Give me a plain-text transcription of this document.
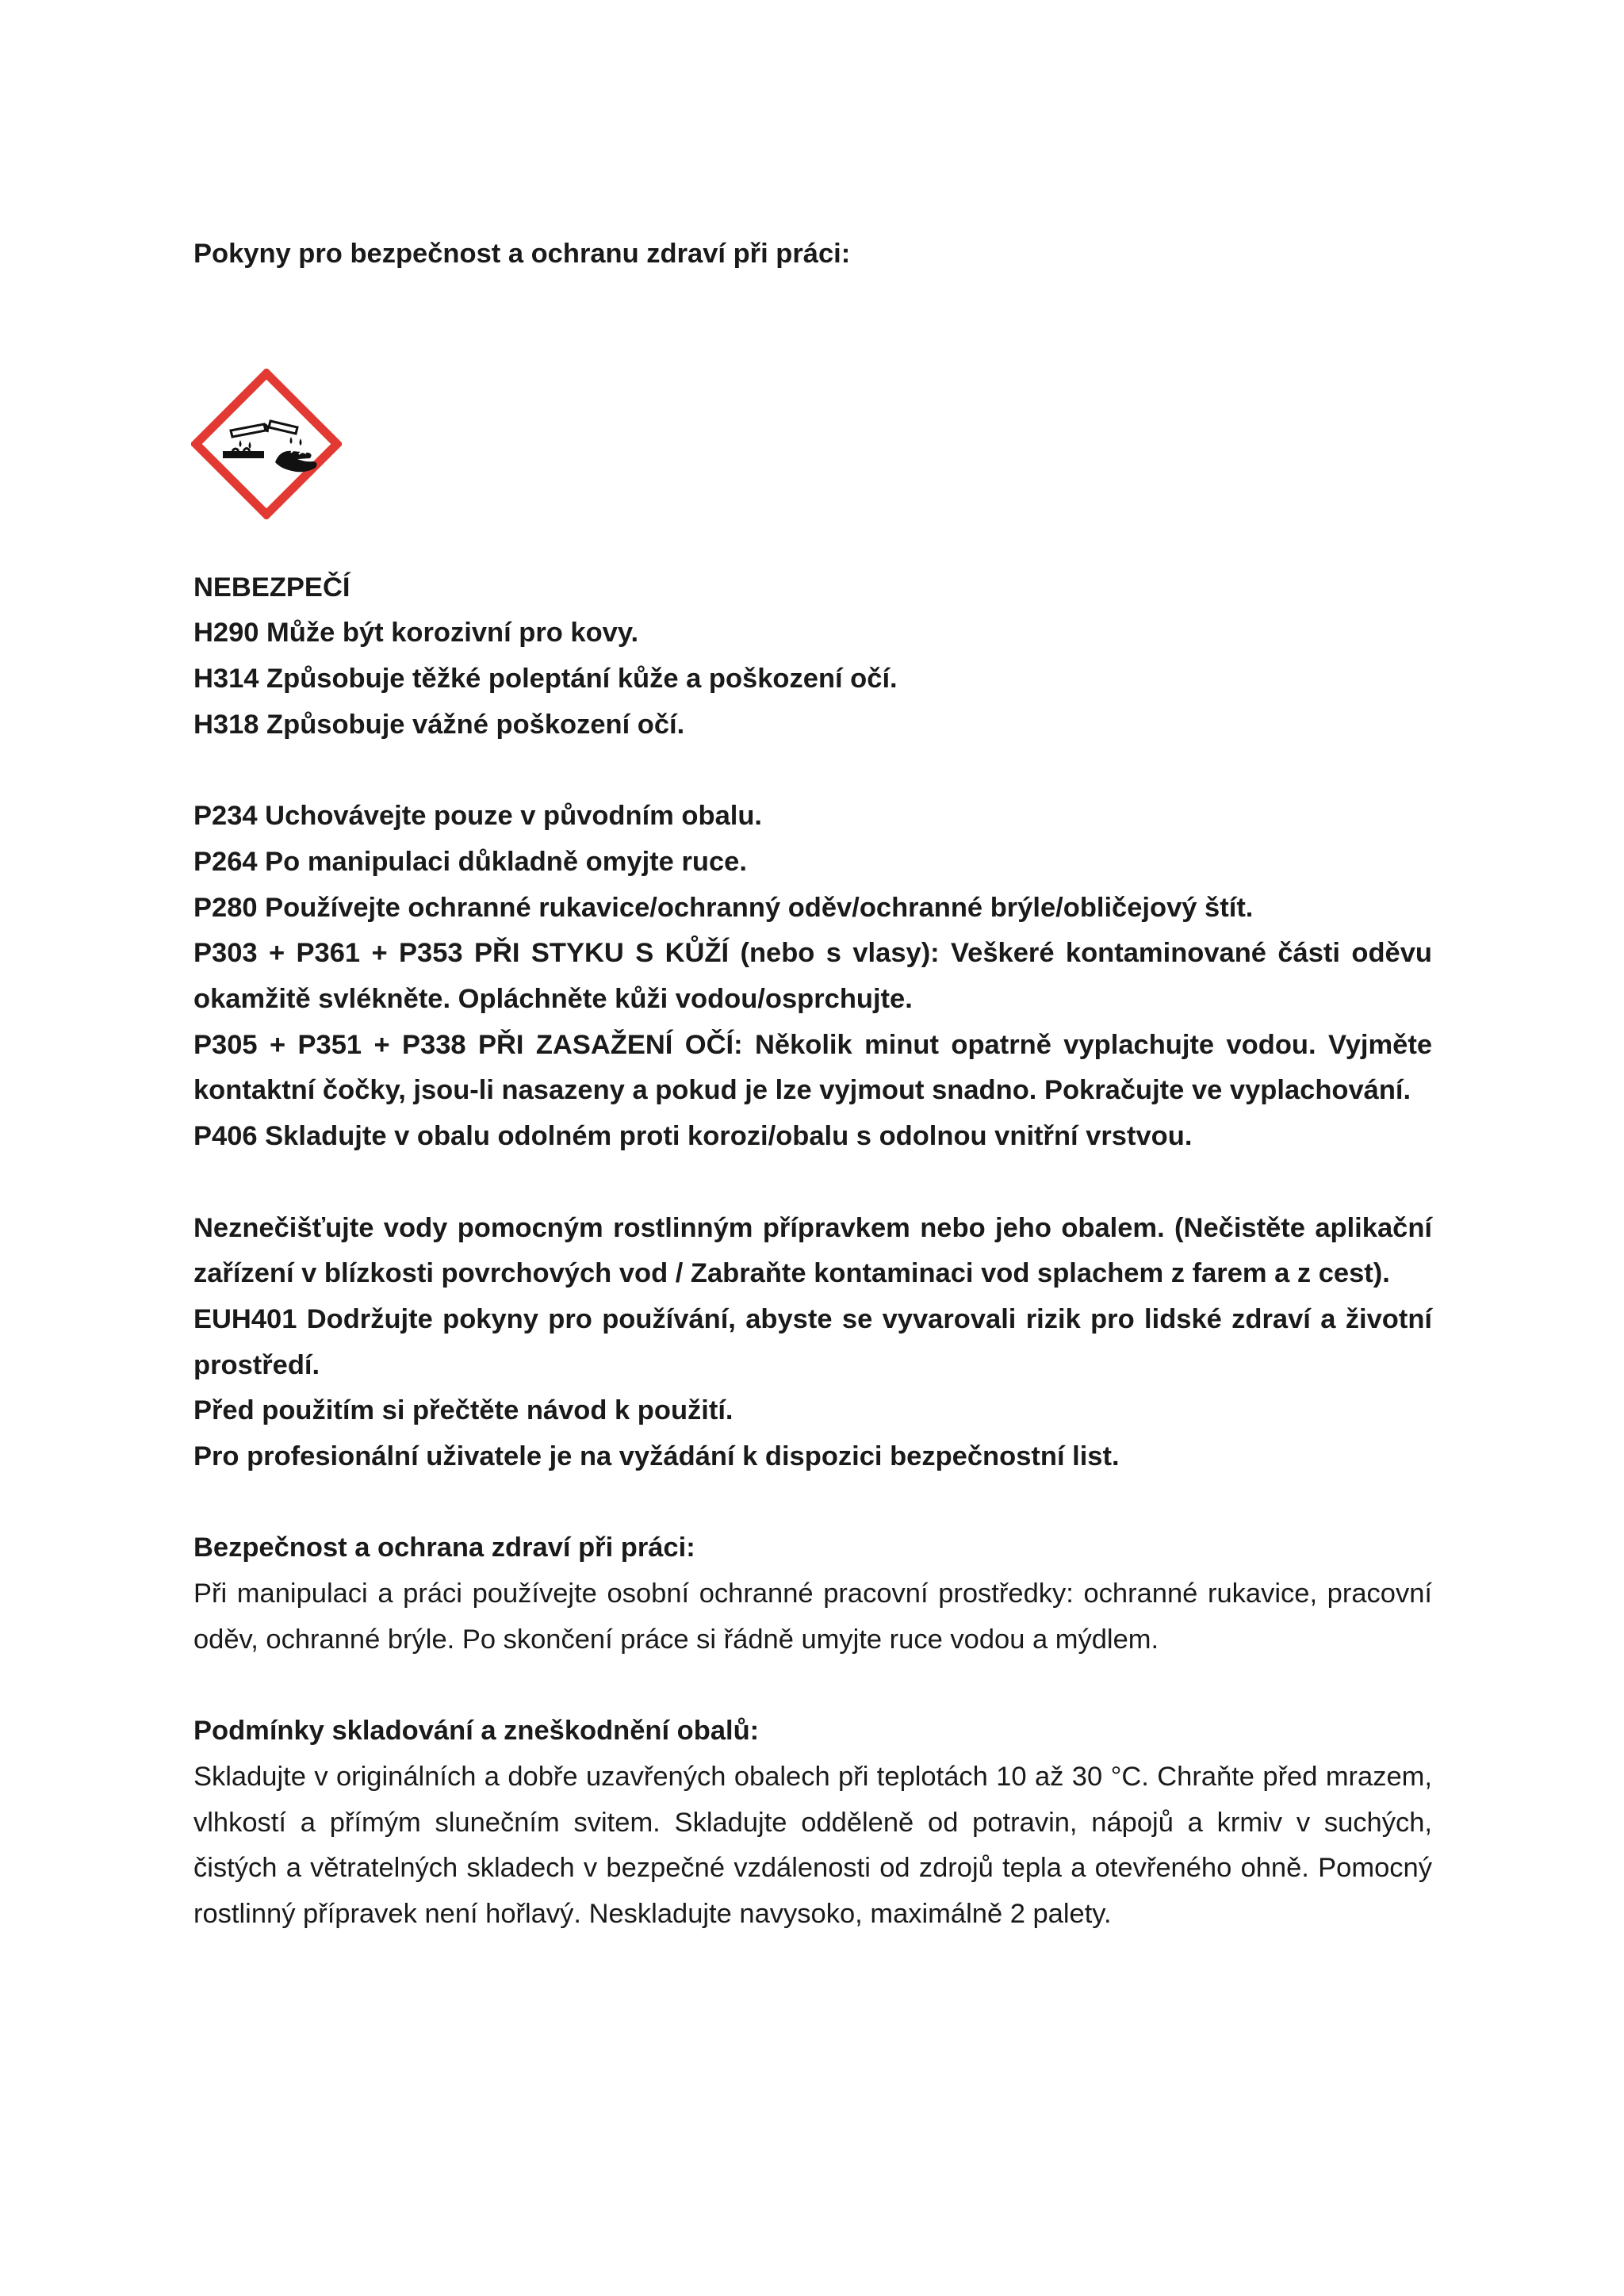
Pokyny pro bezpečnost a ochranu zdraví při práci:

NEBEZPEČÍ

H290 Může být korozivní pro kovy.

H314 Způsobuje těžké poleptání kůže a poškození očí.

H318 Způsobuje vážné poškození očí.

P234 Uchovávejte pouze v původním obalu.

P264 Po manipulaci důkladně omyjte ruce.

P280 Používejte ochranné rukavice/ochranný oděv/ochranné brýle/obličejový štít.

P303 + P361 + P353 PŘI STYKU S KŮŽÍ (nebo s vlasy): Veškeré kontaminované části oděvu okamžitě svlékněte. Opláchněte kůži vodou/osprchujte.

P305 + P351 + P338 PŘI ZASAŽENÍ OČÍ: Několik minut opatrně vyplachujte vodou. Vyjměte kontaktní čočky, jsou-li nasazeny a pokud je lze vyjmout snadno. Pokračujte ve vyplachování.

P406 Skladujte v obalu odolném proti korozi/obalu s odolnou vnitřní vrstvou.

Neznečišťujte vody pomocným rostlinným přípravkem nebo jeho obalem. (Nečistěte aplikační zařízení v blízkosti povrchových vod / Zabraňte kontaminaci vod splachem z farem a z cest).

EUH401 Dodržujte pokyny pro používání, abyste se vyvarovali rizik pro lidské zdraví a životní prostředí.

Před použitím si přečtěte návod k použití.

Pro profesionální uživatele je na vyžádání k dispozici bezpečnostní list.

Bezpečnost a ochrana zdraví při práci:

Při manipulaci a práci používejte osobní ochranné pracovní prostředky: ochranné rukavice, pracovní oděv, ochranné brýle. Po skončení práce si řádně umyjte ruce vodou a mýdlem.

Podmínky skladování a zneškodnění obalů:

Skladujte v originálních a dobře uzavřených obalech při teplotách 10 až 30 °C. Chraňte před mrazem, vlhkostí a přímým slunečním svitem. Skladujte odděleně od potravin, nápojů a krmiv v suchých, čistých a větratelných skladech v bezpečné vzdálenosti od zdrojů tepla a otevřeného ohně. Pomocný rostlinný přípravek není hořlavý. Neskladujte navysoko, maximálně 2 palety.
